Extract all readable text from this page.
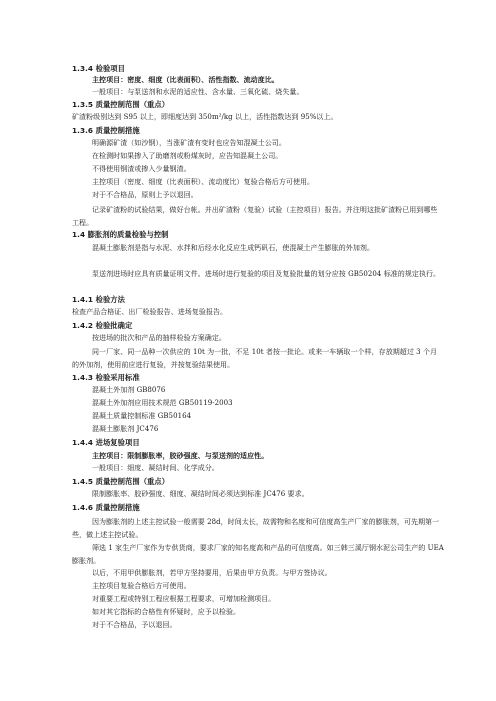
1.3.4 检验项目
主控项目：密度、细度（比表面积）、活性指数、流动度比。
一般项目：与泵送剂和水泥的适应性、含水量、三氧化硫、烧失量。
1.3.5 质量控制范围（重点）
矿渣粉级别达到 S95 以上，即细度达到 350m²/kg 以上，活性指数达到 95%以上。
1.3.6 质量控制措施
明确源矿渣（如沙钢），当涨矿渣有变时也应告知混凝土公司。
在检测时如果掺入了助磨剂或粉煤灰时，应告知混凝土公司。
不得使用钢渣或掺入少量钢渣。
主控项目（密度、细度（比表面积）、流动度比）复验合格后方可使用。
对于不合格品，原则上予以退回。
记录矿渣粉的试验结果，做好台帐。并出矿渣粉（复验）试验（主控项目）报告。并注明这批矿渣粉已用到哪些工程。
1.4 膨胀剂的质量检验与控制
混凝土膨胀剂是指与水泥、水拌和后经水化反应生成钙矾石，使混凝土产生膨胀的外加剂。
泵送剂进场时应具有质量证明文件。进场时进行复验的项目及复验批量的划分应按 GB50204 标准的规定执行。
1.4.1 检验方法
检查产品合格证、出厂检验报告、进场复验报告。
1.4.2 检验批确定
按进场的批次和产品的抽样检验方案确定。
同一厂家、同一品种一次供应的 10t 为一批，不足 10t 者按一批论。或来一车辆取一个样，存放期超过 3 个月的外加剂，使用前应进行复验，并按复验结果使用。
1.4.3 检验采用标准
混凝土外加剂 GB8076
混凝土外加剂应用技术规范 GB50119-2003
混凝土质量控制标准 GB50164
混凝土膨胀剂 JC476
1.4.4 进场复验项目
主控项目：限制膨胀率，胶砂强度、与泵送剂的适应性。
一般项目：细度、凝结时间、化学成分。
1.4.5 质量控制范围（重点）
限制膨胀率、胶砂强度、细度、凝结时间必须达到标准 JC476 要求。
1.4.6 质量控制措施
因为膨胀剂的上述主控试验一般需要 28d，时间太长，故需物和名度和可信度高生产厂家的膨胀剂，可先期第一些，做上述主控试验。
筛选 1 家生产厂家作为专供货商，要求厂家的知名度高和产品的可信度高。如三韩三溪厅钢水泥公司生产的 UEA 膨胀剂。
以后，不用甲供膨胀剂，若甲方坚持要用，后果由甲方负责。与甲方签协议。
主控项目复验合格后方可使用。
对重要工程或特别工程应根据工程要求，可增加检测项目。
如对其它指标的合格性有怀疑时，应予以检验。
对于不合格品，予以退回。
